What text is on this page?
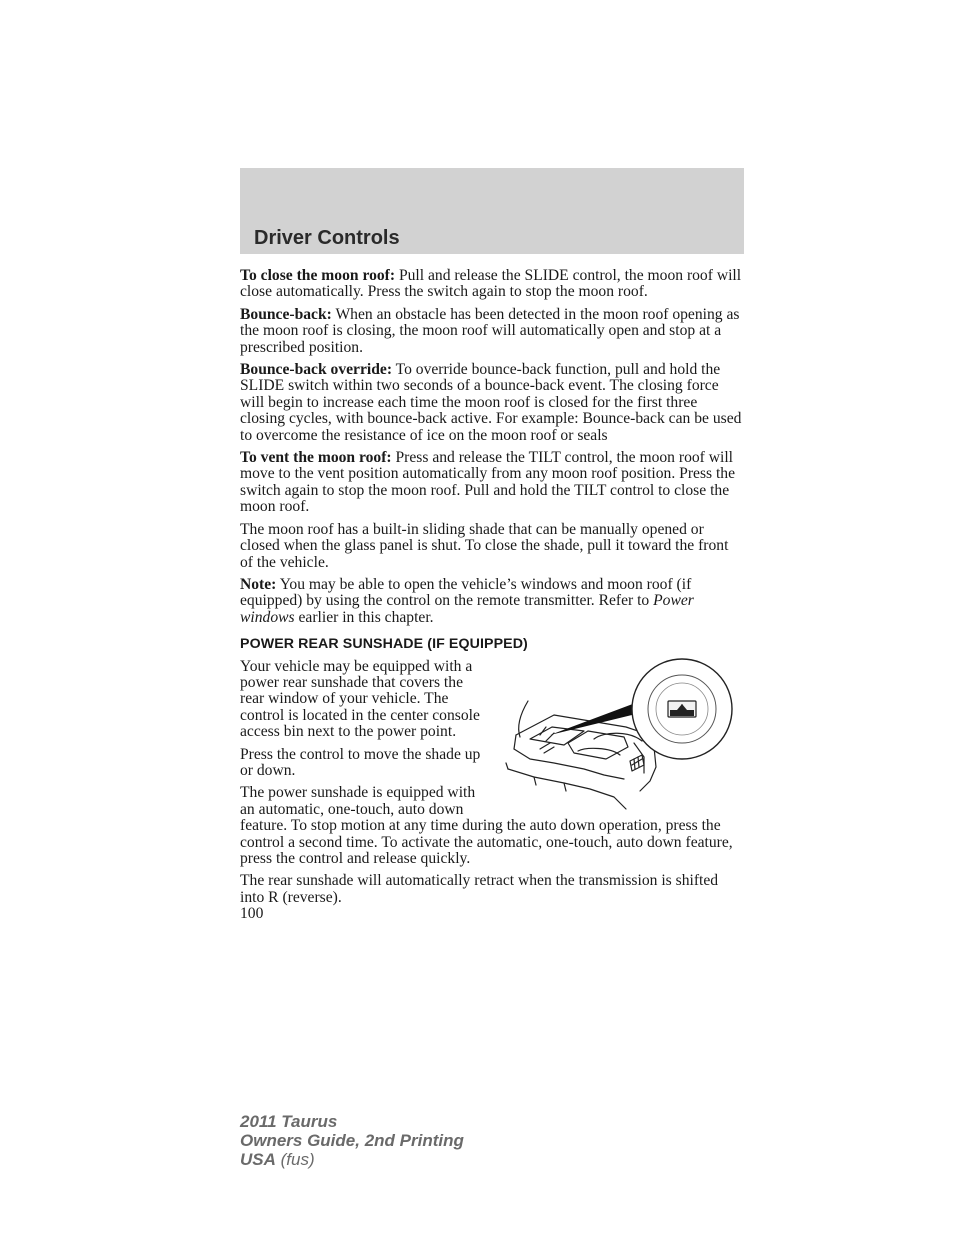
Driver Controls

To close the moon roof: Pull and release the SLIDE control, the moon roof will close automatically. Press the switch again to stop the moon roof.

Bounce-back: When an obstacle has been detected in the moon roof opening as the moon roof is closing, the moon roof will automatically open and stop at a prescribed position.

Bounce-back override: To override bounce-back function, pull and hold the SLIDE switch within two seconds of a bounce-back event. The closing force will begin to increase each time the moon roof is closed for the first three closing cycles, with bounce-back active. For example: Bounce-back can be used to overcome the resistance of ice on the moon roof or seals

To vent the moon roof: Press and release the TILT control, the moon roof will move to the vent position automatically from any moon roof position. Press the switch again to stop the moon roof. Pull and hold the TILT control to close the moon roof.

The moon roof has a built-in sliding shade that can be manually opened or closed when the glass panel is shut. To close the shade, pull it toward the front of the vehicle.

Note: You may be able to open the vehicle’s windows and moon roof (if equipped) by using the control on the remote transmitter. Refer to Power windows earlier in this chapter.

POWER REAR SUNSHADE (IF EQUIPPED)

Your vehicle may be equipped with a power rear sunshade that covers the rear window of your vehicle. The control is located in the center console access bin next to the power point.

Press the control to move the shade up or down.

The power sunshade is equipped with an automatic, one-touch, auto down feature. To stop motion at any time during the auto down operation, press the control a second time. To activate the automatic, one-touch, auto down feature, press the control and release quickly.

The rear sunshade will automatically retract when the transmission is shifted into R (reverse).

100
2011 Taurus
Owners Guide, 2nd Printing
USA (fus)
